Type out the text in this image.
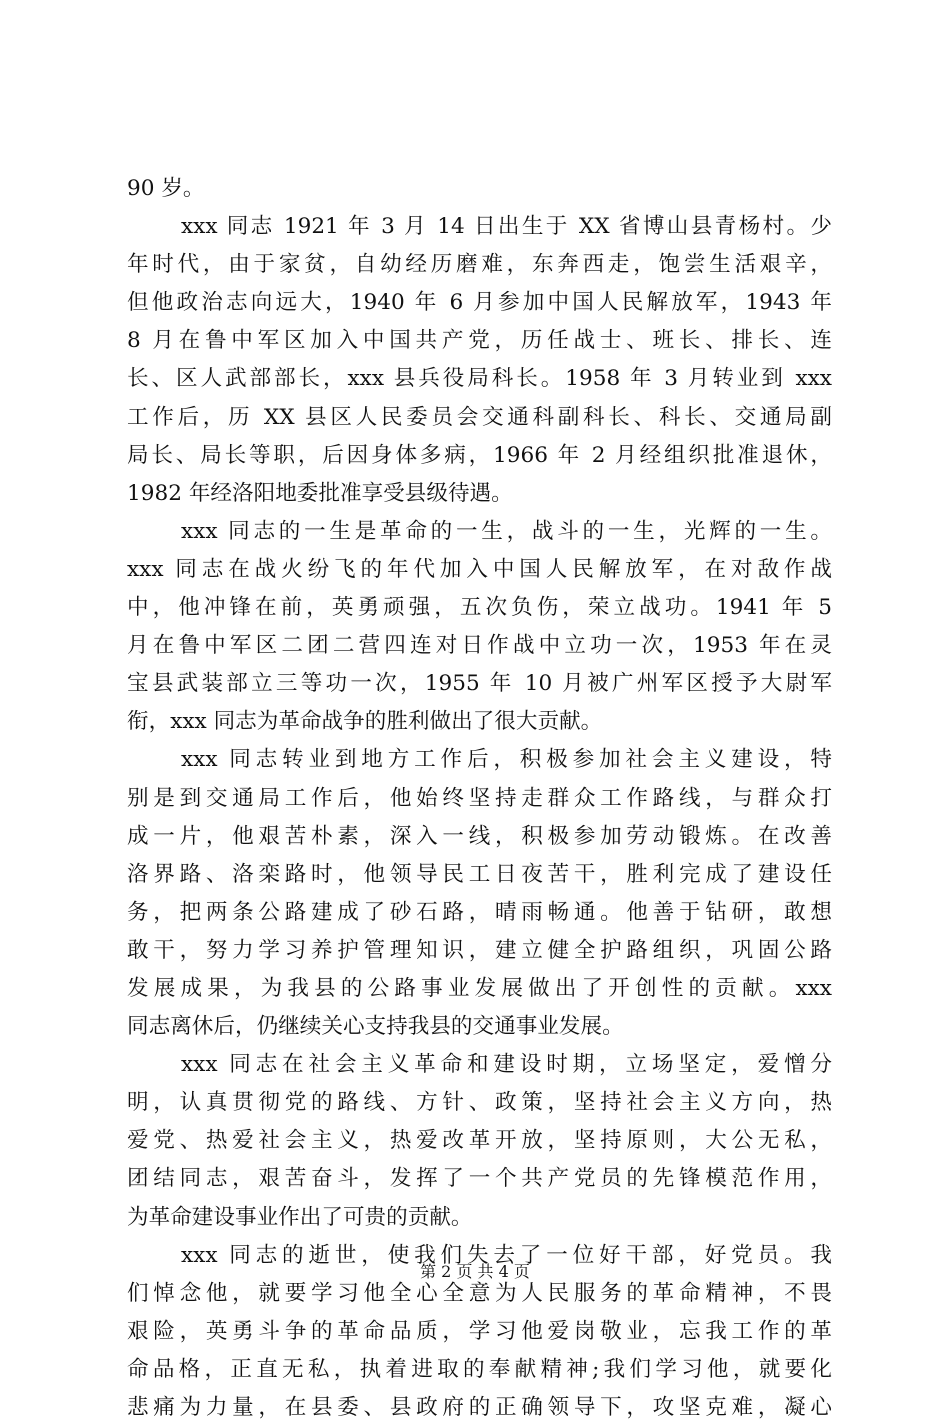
90 岁。
xxx 同志 1921 年 3 月 14 日出生于 XX 省博山县青杨村。少
年时代，由于家贫，自幼经历磨难，东奔西走，饱尝生活艰辛，
但他政治志向远大，1940 年 6 月参加中国人民解放军，1943 年
8 月在鲁中军区加入中国共产党，历任战士、班长、排长、连
长、区人武部部长，xxx 县兵役局科长。1958 年 3 月转业到 xxx
工作后，历 XX 县区人民委员会交通科副科长、科长、交通局副
局长、局长等职，后因身体多病，1966 年 2 月经组织批准退休，
1982 年经洛阳地委批准享受县级待遇。
xxx 同志的一生是革命的一生，战斗的一生，光辉的一生。
xxx 同志在战火纷飞的年代加入中国人民解放军，在对敌作战
中，他冲锋在前，英勇顽强，五次负伤，荣立战功。1941 年 5
月在鲁中军区二团二营四连对日作战中立功一次，1953 年在灵
宝县武装部立三等功一次，1955 年 10 月被广州军区授予大尉军
衔，xxx 同志为革命战争的胜利做出了很大贡献。
xxx 同志转业到地方工作后，积极参加社会主义建设，特
别是到交通局工作后，他始终坚持走群众工作路线，与群众打
成一片，他艰苦朴素，深入一线，积极参加劳动锻炼。在改善
洛界路、洛栾路时，他领导民工日夜苦干，胜利完成了建设任
务，把两条公路建成了砂石路，晴雨畅通。他善于钻研，敢想
敢干，努力学习养护管理知识，建立健全护路组织，巩固公路
发展成果，为我县的公路事业发展做出了开创性的贡献。xxx
同志离休后，仍继续关心支持我县的交通事业发展。
xxx 同志在社会主义革命和建设时期，立场坚定，爱憎分
明，认真贯彻党的路线、方针、政策，坚持社会主义方向，热
爱党、热爱社会主义，热爱改革开放，坚持原则，大公无私，
团结同志，艰苦奋斗，发挥了一个共产党员的先锋模范作用，
为革命建设事业作出了可贵的贡献。
xxx 同志的逝世，使我们失去了一位好干部，好党员。我
们悼念他，就要学习他全心全意为人民服务的革命精神，不畏
艰险，英勇斗争的革命品质，学习他爱岗敬业，忘我工作的革
命品格，正直无私，执着进取的奉献精神;我们学习他，就要化
悲痛为力量，在县委、县政府的正确领导下，攻坚克难，凝心
第 2 页 共 4 页
